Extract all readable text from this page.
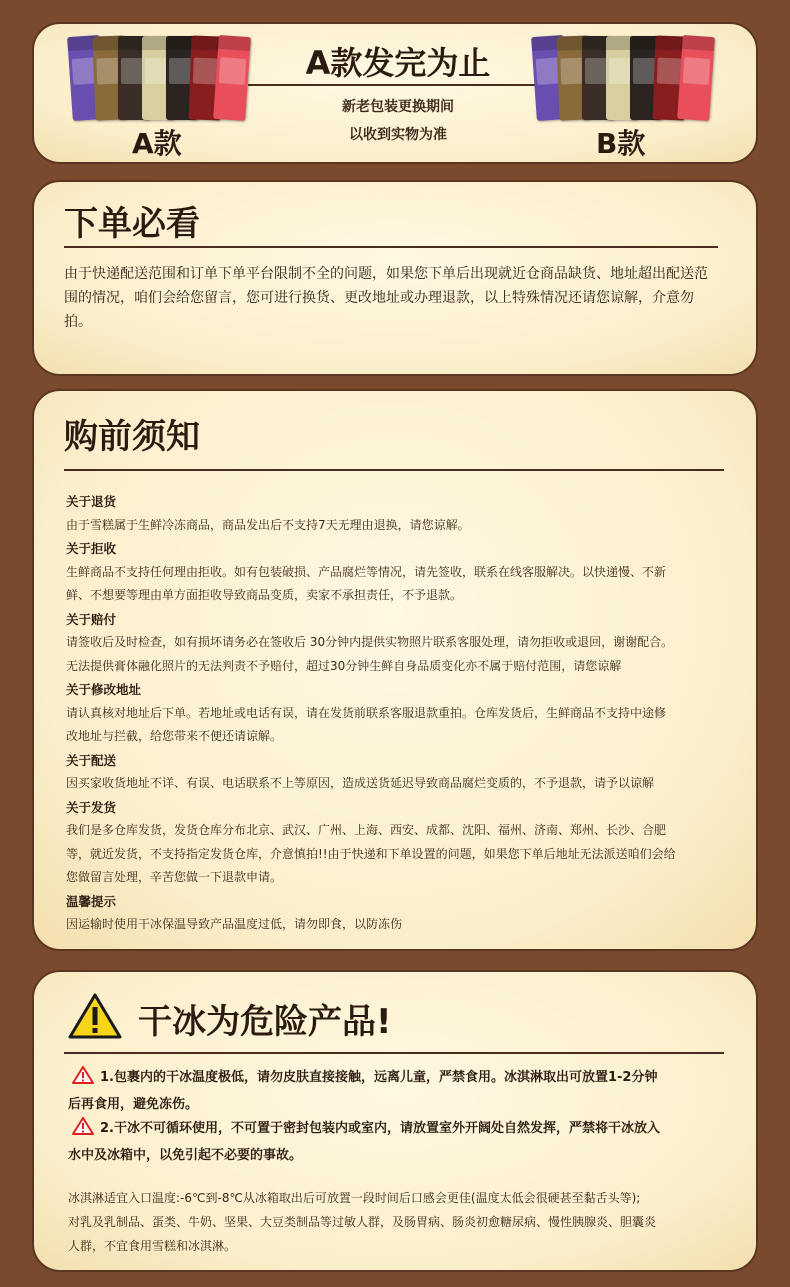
A款
A款发完为止
新老包装更换期间
以收到实物为准	B款
下单必看
由于快递配送范围和订单下单平台限制不全的问题，如果您下单后出现就近仓商品缺货、地址超出配送范围的情况，咱们会给您留言，您可进行换货、更改地址或办理退款，以上特殊情况还请您谅解，介意勿拍。
购前须知
关于退货
由于雪糕属于生鲜冷冻商品，商品发出后不支持7天无理由退换，请您谅解。
关于拒收
生鲜商品不支持任何理由拒收。如有包装破损、产品腐烂等情况，请先签收，联系在线客服解决。以快递慢、不新
鲜、不想要等理由单方面拒收导致商品变质，卖家不承担责任，不予退款。
关于赔付
请签收后及时检查，如有损坏请务必在签收后 30分钟内提供实物照片联系客服处理，请勿拒收或退回，谢谢配合。
无法提供膏体融化照片的无法判责不予赔付，超过30分钟生鲜自身品质变化亦不属于赔付范围，请您谅解
关于修改地址
请认真核对地址后下单。若地址或电话有误，请在发货前联系客服退款重拍。仓库发货后，生鲜商品不支持中途修
改地址与拦截，给您带来不便还请谅解。
关于配送
因买家收货地址不详、有误、电话联系不上等原因，造成送货延迟导致商品腐烂变质的，不予退款，请予以谅解
关于发货
我们是多仓库发货，发货仓库分布北京、武汉、广州、上海、西安、成都、沈阳、福州、济南、郑州、长沙、合肥
等，就近发货，不支持指定发货仓库，介意慎拍!!由于快递和下单设置的问题，如果您下单后地址无法派送咱们会给
您做留言处理，辛苦您做一下退款申请。
温馨提示
因运输时使用干冰保温导致产品温度过低，请勿即食，以防冻伤
干冰为危险产品!
1.包裹内的干冰温度极低，请勿皮肤直接接触，远离儿童，严禁食用。冰淇淋取出可放置1-2分钟
后再食用，避免冻伤。
2.干冰不可循环使用，不可置于密封包装内或室内，请放置室外开阔处自然发挥，严禁将干冰放入
水中及冰箱中，以免引起不必要的事故。
冰淇淋适宜入口温度:-6℃到-8℃从冰箱取出后可放置一段时间后口感会更佳(温度太低会很硬甚至黏舌头等);
对乳及乳制品、蛋类、牛奶、坚果、大豆类制品等过敏人群，及肠胃病、肠炎初愈糖尿病、慢性胰腺炎、胆囊炎
人群，不宜食用雪糕和冰淇淋。
